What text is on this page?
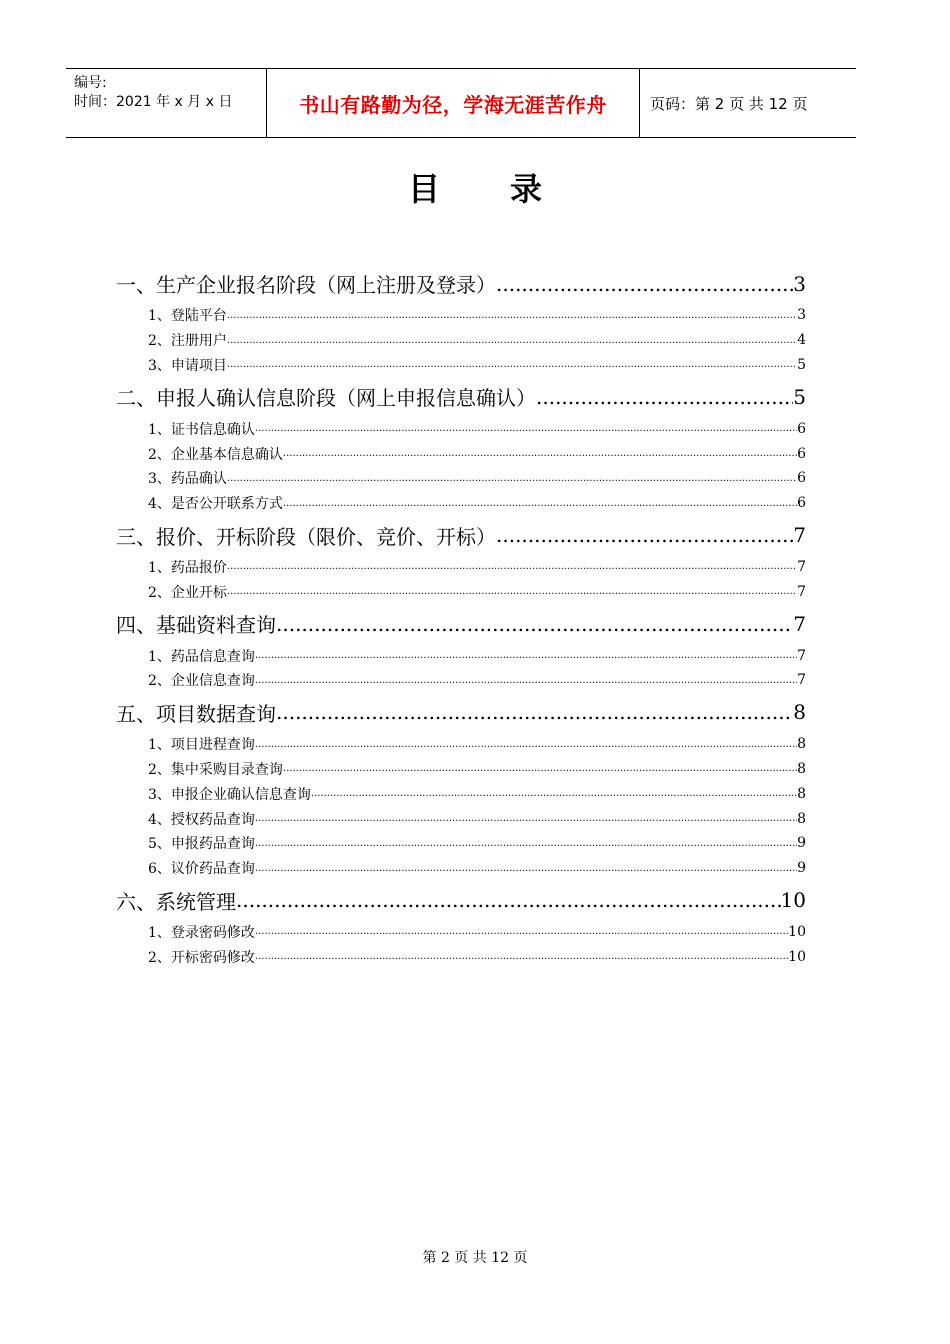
编号:
时间：2021 年 x 月 x 日	书山有路勤为径，学海无涯苦作舟	页码：第 2 页 共 12 页
目 录
一、生产企业报名阶段（网上注册及登录） .....	3
1、登陆平台 .....	3
2、注册用户 .....	4
3、申请项目 .....	5
二、申报人确认信息阶段（网上申报信息确认） .....	5
1、证书信息确认 .....	6
2、企业基本信息确认 .....	6
3、药品确认 .....	6
4、是否公开联系方式 .....	6
三、报价、开标阶段（限价、竞价、开标） .....	7
1、药品报价 .....	7
2、企业开标 .....	7
四、基础资料查询 .....	7
1、药品信息查询 .....	7
2、企业信息查询 .....	7
五、项目数据查询 .....	8
1、项目进程查询 .....	8
2、集中采购目录查询 .....	8
3、申报企业确认信息查询 .....	8
4、授权药品查询 .....	8
5、申报药品查询 .....	9
6、议价药品查询 .....	9
六、系统管理 .....	10
1、登录密码修改 .....	10
2、开标密码修改 .....	10
第 2 页 共 12 页
